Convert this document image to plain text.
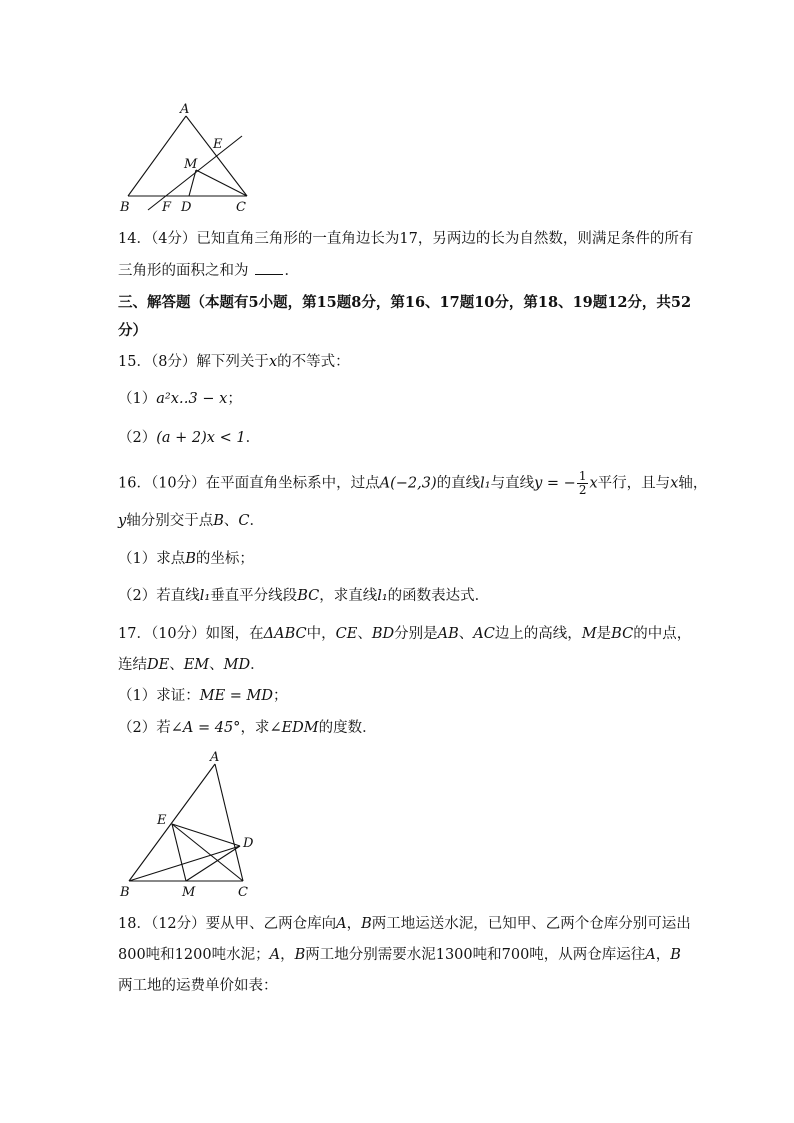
A
E
M
B F D	C
14．（4分）已知直角三角形的一直角边长为17，另两边的长为自然数，则满足条件的所有
三角形的面积之和为 ．
三、解答题（本题有5小题，第15题8分，第16、17题10分，第18、19题12分，共52
分）
15．（8分）解下列关于x的不等式：
（1）a²x‥3 − x；
（2）(a + 2)x < 1．
16．（10分）在平面直角坐标系中，过点A(−2,3)的直线l₁与直线y = − $\frac{1}{2}$ x平行，且与x轴，
y轴分别交于点B、C．
（1）求点B的坐标；
（2）若直线l₁垂直平分线段BC，求直线l₁的函数表达式．
17．（10分）如图，在ΔABC中，CE、BD分别是AB、AC边上的高线，M是BC的中点，
连结DE、EM、MD．
（1）求证：ME = MD；
（2）若∠A = 45°，求∠EDM的度数．
A
E
D
B	M	C
18．（12分）要从甲、乙两仓库向A，B两工地运送水泥，已知甲、乙两个仓库分别可运出
800吨和1200吨水泥；A，B两工地分别需要水泥1300吨和700吨，从两仓库运往A，B
两工地的运费单价如表：
